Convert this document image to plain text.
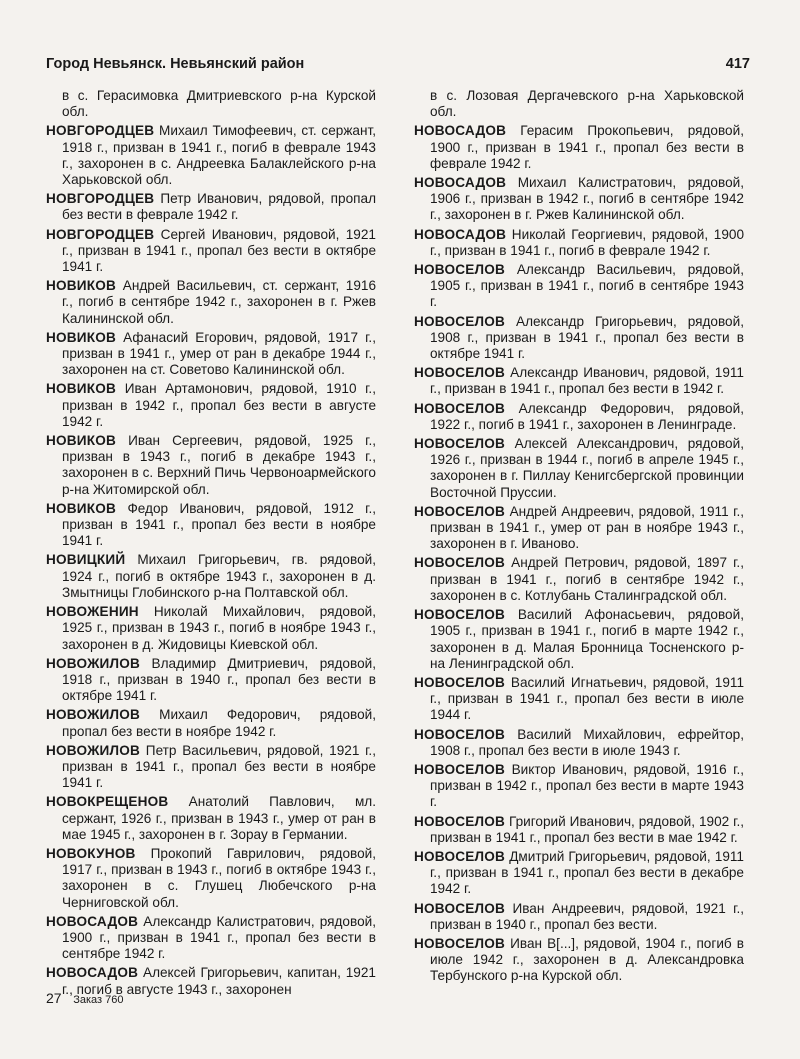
Город Невьянск. Невьянский район	417

в с. Герасимовка Дмитриевского р-на Курской обл.

НОВГОРОДЦЕВ Михаил Тимофеевич, ст. сержант, 1918 г., призван в 1941 г., погиб в феврале 1943 г., захоронен в с. Андреевка Балаклейского р-на Харьковской обл.

НОВГОРОДЦЕВ Петр Иванович, рядовой, пропал без вести в феврале 1942 г.

НОВГОРОДЦЕВ Сергей Иванович, рядовой, 1921 г., призван в 1941 г., пропал без вести в октябре 1941 г.

НОВИКОВ Андрей Васильевич, ст. сержант, 1916 г., погиб в сентябре 1942 г., захоронен в г. Ржев Калининской обл.

НОВИКОВ Афанасий Егорович, рядовой, 1917 г., призван в 1941 г., умер от ран в декабре 1944 г., захоронен на ст. Советово Калининской обл.

НОВИКОВ Иван Артамонович, рядовой, 1910 г., призван в 1942 г., пропал без вести в августе 1942 г.

НОВИКОВ Иван Сергеевич, рядовой, 1925 г., призван в 1943 г., погиб в декабре 1943 г., захоронен в с. Верхний Пичь Червоноармейского р-на Житомирской обл.

НОВИКОВ Федор Иванович, рядовой, 1912 г., призван в 1941 г., пропал без вести в ноябре 1941 г.

НОВИЦКИЙ Михаил Григорьевич, гв. рядовой, 1924 г., погиб в октябре 1943 г., захоронен в д. Змытницы Глобинского р-на Полтавской обл.

НОВОЖЕНИН Николай Михайлович, рядовой, 1925 г., призван в 1943 г., погиб в ноябре 1943 г., захоронен в д. Жидовицы Киевской обл.

НОВОЖИЛОВ Владимир Дмитриевич, рядовой, 1918 г., призван в 1940 г., пропал без вести в октябре 1941 г.

НОВОЖИЛОВ Михаил Федорович, рядовой, пропал без вести в ноябре 1942 г.

НОВОЖИЛОВ Петр Васильевич, рядовой, 1921 г., призван в 1941 г., пропал без вести в ноябре 1941 г.

НОВОКРЕЩЕНОВ Анатолий Павлович, мл. сержант, 1926 г., призван в 1943 г., умер от ран в мае 1945 г., захоронен в г. Зорау в Германии.

НОВОКУНОВ Прокопий Гаврилович, рядовой, 1917 г., призван в 1943 г., погиб в октябре 1943 г., захоронен в с. Глушец Любечского р-на Черниговской обл.

НОВОСАДОВ Александр Калистратович, рядовой, 1900 г., призван в 1941 г., пропал без вести в сентябре 1942 г.

НОВОСАДОВ Алексей Григорьевич, капитан, 1921 г., погиб в августе 1943 г., захоронен

в с. Лозовая Дергачевского р-на Харьковской обл.

НОВОСАДОВ Герасим Прокопьевич, рядовой, 1900 г., призван в 1941 г., пропал без вести в феврале 1942 г.

НОВОСАДОВ Михаил Калистратович, рядовой, 1906 г., призван в 1942 г., погиб в сентябре 1942 г., захоронен в г. Ржев Калининской обл.

НОВОСАДОВ Николай Георгиевич, рядовой, 1900 г., призван в 1941 г., погиб в феврале 1942 г.

НОВОСЕЛОВ Александр Васильевич, рядовой, 1905 г., призван в 1941 г., погиб в сентябре 1943 г.

НОВОСЕЛОВ Александр Григорьевич, рядовой, 1908 г., призван в 1941 г., пропал без вести в октябре 1941 г.

НОВОСЕЛОВ Александр Иванович, рядовой, 1911 г., призван в 1941 г., пропал без вести в 1942 г.

НОВОСЕЛОВ Александр Федорович, рядовой, 1922 г., погиб в 1941 г., захоронен в Ленинграде.

НОВОСЕЛОВ Алексей Александрович, рядовой, 1926 г., призван в 1944 г., погиб в апреле 1945 г., захоронен в г. Пиллау Кенигсбергской провинции Восточной Пруссии.

НОВОСЕЛОВ Андрей Андреевич, рядовой, 1911 г., призван в 1941 г., умер от ран в ноябре 1943 г., захоронен в г. Иваново.

НОВОСЕЛОВ Андрей Петрович, рядовой, 1897 г., призван в 1941 г., погиб в сентябре 1942 г., захоронен в с. Котлубань Сталинградской обл.

НОВОСЕЛОВ Василий Афонасьевич, рядовой, 1905 г., призван в 1941 г., погиб в марте 1942 г., захоронен в д. Малая Бронница Тосненского р-на Ленинградской обл.

НОВОСЕЛОВ Василий Игнатьевич, рядовой, 1911 г., призван в 1941 г., пропал без вести в июле 1944 г.

НОВОСЕЛОВ Василий Михайлович, ефрейтор, 1908 г., пропал без вести в июле 1943 г.

НОВОСЕЛОВ Виктор Иванович, рядовой, 1916 г., призван в 1942 г., пропал без вести в марте 1943 г.

НОВОСЕЛОВ Григорий Иванович, рядовой, 1902 г., призван в 1941 г., пропал без вести в мае 1942 г.

НОВОСЕЛОВ Дмитрий Григорьевич, рядовой, 1911 г., призван в 1941 г., пропал без вести в декабре 1942 г.

НОВОСЕЛОВ Иван Андреевич, рядовой, 1921 г., призван в 1940 г., пропал без вести.

НОВОСЕЛОВ Иван В[...], рядовой, 1904 г., погиб в июле 1942 г., захоронен в д. Александровка Тербунского р-на Курской обл.

27 Заказ 760
